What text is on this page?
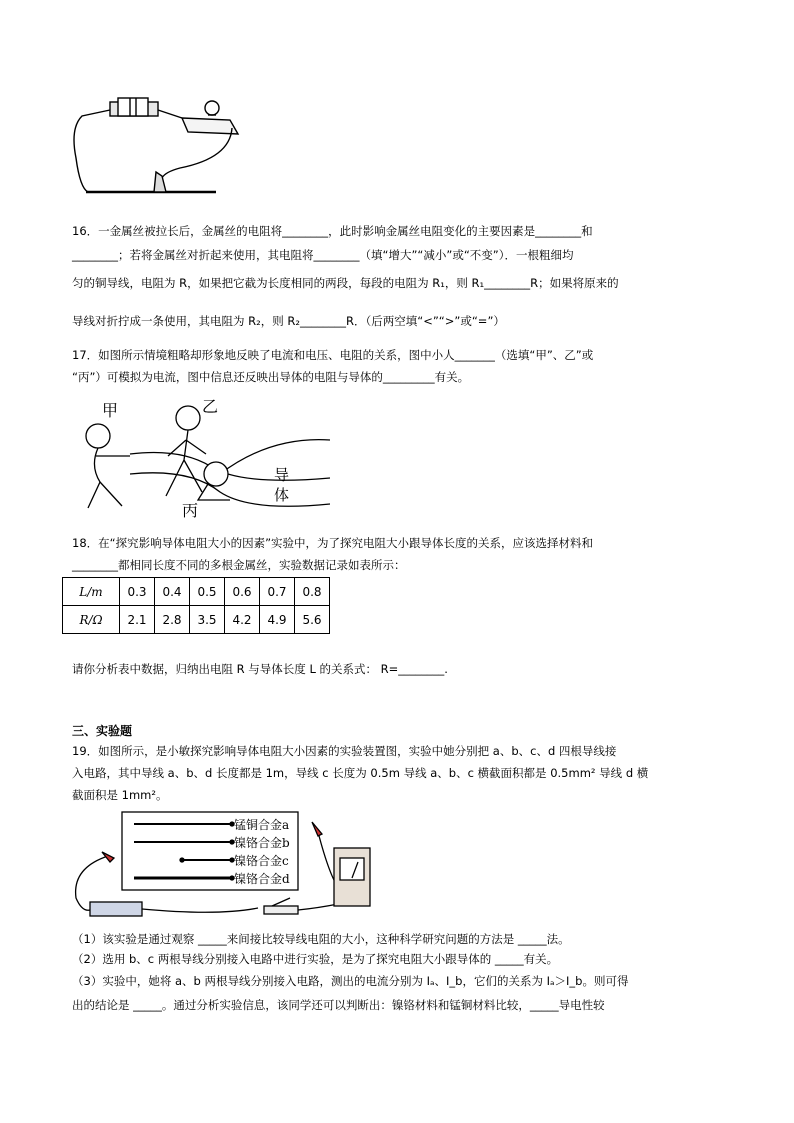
16．一金属丝被拉长后，金属丝的电阻将________，此时影响金属丝电阻变化的主要因素是________和
________；若将金属丝对折起来使用，其电阻将________（填“增大”“减小”或“不变”）．一根粗细均
匀的铜导线，电阻为 R，如果把它截为长度相同的两段，每段的电阻为 R₁，则 R₁________R；如果将原来的
导线对折拧成一条使用，其电阻为 R₂，则 R₂________R．（后两空填“<”“>”或“=”）
17．如图所示情境粗略却形象地反映了电流和电压、电阻的关系，图中小人_______（选填“甲”、乙”或
“丙”）可模拟为电流，图中信息还反映出导体的电阻与导体的_________有关。
甲	乙
丙
导体
18．在“探究影响导体电阻大小的因素”实验中，为了探究电阻大小跟导体长度的关系，应该选择材料和
________都相同长度不同的多根金属丝，实验数据记录如表所示：
L/m	0.3	0.4	0.5	0.6	0.7	0.8
R/Ω	2.1	2.8	3.5	4.2	4.9	5.6
请你分析表中数据，归纳出电阻 R 与导体长度 L 的关系式： R=________.
三、实验题
19．如图所示，是小敏探究影响导体电阻大小因素的实验装置图，实验中她分别把 a、b、c、d 四根导线接
入电路，其中导线 a、b、d 长度都是 1m，导线 c 长度为 0.5m 导线 a、b、c 横截面积都是 0.5mm² 导线 d 横
截面积是 1mm²。
锰铜合金a
镍铬合金b
镍铬合金c
镍铬合金d
（1）该实验是通过观察 _____来间接比较导线电阻的大小，这种科学研究问题的方法是 _____法。
（2）选用 b、c 两根导线分别接入电路中进行实验，是为了探究电阻大小跟导体的 _____有关。
（3）实验中，她将 a、b 两根导线分别接入电路，测出的电流分别为 Iₐ、I_b，它们的关系为 Iₐ＞I_b。则可得
出的结论是 _____。通过分析实验信息，该同学还可以判断出：镍铬材料和锰铜材料比较，_____导电性较
